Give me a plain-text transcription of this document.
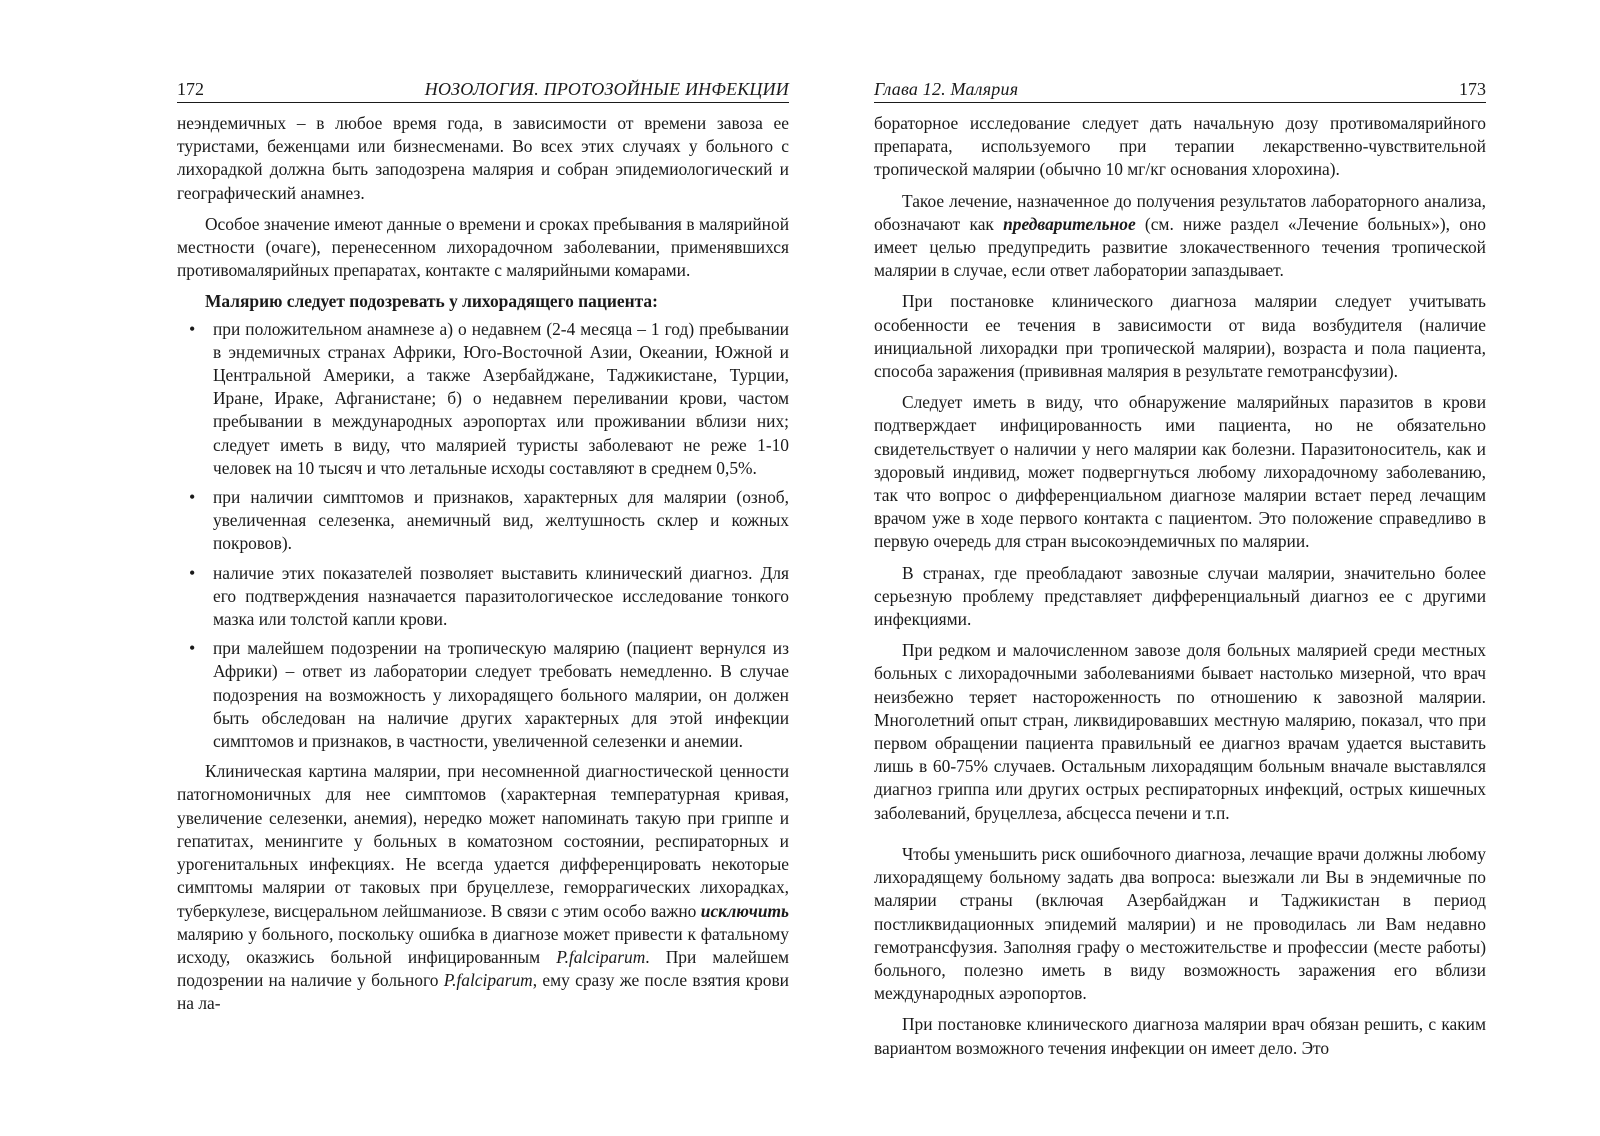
172	НОЗОЛОГИЯ. ПРОТОЗОЙНЫЕ ИНФЕКЦИИ

неэндемичных – в любое время года, в зависимости от времени завоза ее туристами, беженцами или бизнесменами. Во всех этих случаях у больного с лихорадкой должна быть заподозрена малярия и собран эпидемиологический и географический анамнез.

Особое значение имеют данные о времени и сроках пребывания в малярийной местности (очаге), перенесенном лихорадочном заболевании, применявшихся противомалярийных препаратах, контакте с малярийными комарами.

Малярию следует подозревать у лихорадящего пациента:

• при положительном анамнезе а) о недавнем (2-4 месяца – 1 год) пребывании в эндемичных странах Африки, Юго-Восточной Азии, Океании, Южной и Центральной Америки, а также Азербайджане, Таджикистане, Турции, Иране, Ираке, Афганистане; б) о недавнем переливании крови, частом пребывании в международных аэропортах или проживании вблизи них; следует иметь в виду, что малярией туристы заболевают не реже 1-10 человек на 10 тысяч и что летальные исходы составляют в среднем 0,5%.
• при наличии симптомов и признаков, характерных для малярии (озноб, увеличенная селезенка, анемичный вид, желтушность склер и кожных покровов).
• наличие этих показателей позволяет выставить клинический диагноз. Для его подтверждения назначается паразитологическое исследование тонкого мазка или толстой капли крови.
• при малейшем подозрении на тропическую малярию (пациент вернулся из Африки) – ответ из лаборатории следует требовать немедленно. В случае подозрения на возможность у лихорадящего больного малярии, он должен быть обследован на наличие других характерных для этой инфекции симптомов и признаков, в частности, увеличенной селезенки и анемии.

Клиническая картина малярии, при несомненной диагностической ценности патогномоничных для нее симптомов (характерная температурная кривая, увеличение селезенки, анемия), нередко может напоминать такую при гриппе и гепатитах, менингите у больных в коматозном состоянии, респираторных и урогенитальных инфекциях. Не всегда удается дифференцировать некоторые симптомы малярии от таковых при бруцеллезе, геморрагических лихорадках, туберкулезе, висцеральном лейшманиозе. В связи с этим особо важно исключить малярию у больного, поскольку ошибка в диагнозе может привести к фатальному исходу, оказжись больной инфицированным P.falciparum. При малейшем подозрении на наличие у больного P.falciparum, ему сразу же после взятия крови на ла-

Глава 12. Малярия	173

бораторное исследование следует дать начальную дозу противомалярийного препарата, используемого при терапии лекарственно-чувствительной тропической малярии (обычно 10 мг/кг основания хлорохина).

Такое лечение, назначенное до получения результатов лабораторного анализа, обозначают как предварительное (см. ниже раздел «Лечение больных»), оно имеет целью предупредить развитие злокачественного течения тропической малярии в случае, если ответ лаборатории запаздывает.

При постановке клинического диагноза малярии следует учитывать особенности ее течения в зависимости от вида возбудителя (наличие инициальной лихорадки при тропической малярии), возраста и пола пациента, способа заражения (прививная малярия в результате гемотрансфузии).

Следует иметь в виду, что обнаружение малярийных паразитов в крови подтверждает инфицированность ими пациента, но не обязательно свидетельствует о наличии у него малярии как болезни. Паразитоноситель, как и здоровый индивид, может подвергнуться любому лихорадочному заболеванию, так что вопрос о дифференциальном диагнозе малярии встает перед лечащим врачом уже в ходе первого контакта с пациентом. Это положение справедливо в первую очередь для стран высокоэндемичных по малярии.

В странах, где преобладают завозные случаи малярии, значительно более серьезную проблему представляет дифференциальный диагноз ее с другими инфекциями.

При редком и малочисленном завозе доля больных малярией среди местных больных с лихорадочными заболеваниями бывает настолько мизерной, что врач неизбежно теряет настороженность по отношению к завозной малярии. Многолетний опыт стран, ликвидировавших местную малярию, показал, что при первом обращении пациента правильный ее диагноз врачам удается выставить лишь в 60-75% случаев. Остальным лихорадящим больным вначале выставлялся диагноз гриппа или других острых респираторных инфекций, острых кишечных заболеваний, бруцеллеза, абсцесса печени и т.п.

Чтобы уменьшить риск ошибочного диагноза, лечащие врачи должны любому лихорадящему больному задать два вопроса: выезжали ли Вы в эндемичные по малярии страны (включая Азербайджан и Таджикистан в период постликвидационных эпидемий малярии) и не проводилась ли Вам недавно гемотрансфузия. Заполняя графу о местожительстве и профессии (месте работы) больного, полезно иметь в виду возможность заражения его вблизи международных аэропортов.

При постановке клинического диагноза малярии врач обязан решить, с каким вариантом возможного течения инфекции он имеет дело. Это
